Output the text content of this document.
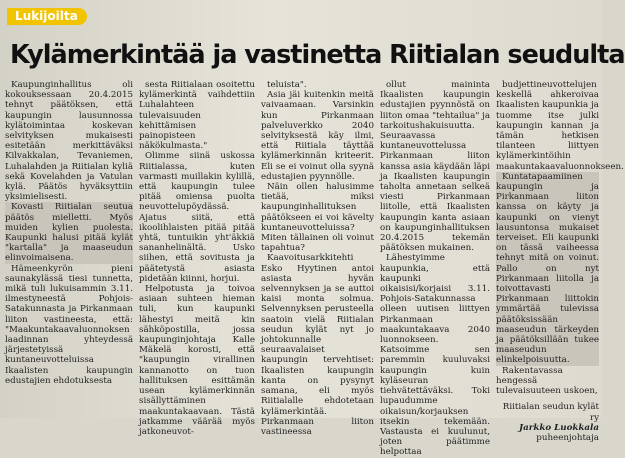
Lukijoilta
Kylämerkintää ja vastinetta Riitialan seudulta

Kaupunginhallitus oli kokouksessaan 20.4.2015 tehnyt päätöksen, että kaupungin lausunnossa kylätoimintaa koskevan selvityksen mukaisesti esitetään merkittäväksi Kilvakkalan, Tevaniemen, Luhalahden ja Riitialan kyliä sekä Kovelahden ja Vatulan kylä. Päätös hyväksyttiin yksimielisesti.

Kovasti Riitialan seutua päätös mielletti. Myös muiden kylien puolesta. Kaupunki halusi pitää kylät "kartalla" ja maaseudun elinvoimaisena.

Hämeenkyrön pieni saunakylässä tiesi tunnetta, mikä tuli lukuisammin 3.11. ilmestyneestä Pohjois-Satakunnasta ja Pirkanmaan liiton vastineesta, että: "Maakuntakaavaluonnoksen laadinnan yhteydessä järjestetyissä kuntaneuvotteluissa Ikaalisten kaupungin edustajien ehdotuksesta

sesta Riitialaan osoitettu kylämerkintä vaihdettiin Luhalahteen tulevaisuuden kehittämisen painopisteen näkökulmasta."

Olimme siinä uskossa Riitialassa, kuten varmasti muillakin kylillä, että kaupungin tulee pitää omiensa puolta neuvottelupöydässä. Ajatus siitä, että ikoolihlaisten pitää pitää yhtä, tuntuikin yht'äkkiä sananhelinältä. Usko siihen, että sovitusta ja päätetystä asiasta pidetään kiinni, horjui.

Helpotusta ja toivoa asiaan suhteen hieman tuli, kun kaupunki lähestyi meitä kin sähköpostilla, jossa kaupunginjohtaja Kalle Mäkelä korosti, että "kaupungin virallinen kannanotto on tuon hallituksen esittämän usean kylämerkinnän sisällyttäminen maakuntakaavaan. Tästä jatkamme väärää myös jatkoneuvot-

teluista".

Asia jäi kuitenkin meitä vaivaamaan. Varsinkin kun Pirkanmaan palveluverkko 2040 selvityksestä käy ilmi, että Riitiala täyttää kylämerkinnän kriteerit. Eli se ei voinut olla syynä edustajien pyynnölle.

Näin ollen halusimme tietää, miksi kaupunginhallituksen päätökseen ei voi kävelty kuntaneuvotteluissa? Miten tällainen oli voinut tapahtua?

Kaavoitusarkkitehti Esko Hyytinen antoi asiasta hyvän selvennyksen ja se auttoi kaisi monta solmua. Selvennyksen perusteella saatoin vielä Riitialan seudun kylät nyt jo johtokunnalle seuraavalaiset kaupungin tervehtiset: Ikaalisten kaupungin kanta on pysynyt samana, eli myös Riitialalle ehdotetaan kylämerkintää. Pirkanmaan liiton vastineessa

ollut maininta Ikaalisten kaupungin edustajien pyynnöstä on liiton omaa "tehtailua" ja tarkoitushakuisuutta. Seuraavassa kuntaneuvottelussa Pirkanmaan liiton kanssa asia käydään läpi ja Ikaalisten kaupungin taholta annetaan selkeä viesti Pirkanmaan liitolle, että Ikaalisten kaupungin kanta asiaan on kaupunginhallituksen 20.4.2015 tekemän päätöksen mukainen.

Lähestyimme kaupunkia, että kaupunki oikaisisi/korjaisi 3.11. Pohjois-Satakunnassa olleen uutisen liittyen Pirkanmaan maakuntakaava 2040 luonnokseen. Katsoimme sen paremmin kuuluvaksi kaupungin kuin kyläseuran tiehvätettäväksi. Toki lupaudumme oikaisun/korjauksen itsekin tekemään. Vastausta ei kuulunut, joten päätimme helpottaa

budjettineuvottelujen keskellä ahkeroivaa Ikaalisten kaupunkia ja tuomme itse julki kaupungin kannan ja tämän hetkisen tilanteen liittyen kylämerkintöihin maakuntakaavaluonnokseen.

Kuntatapaamiinen kaupungin ja Pirkanmaan liiton kanssa on käyty ja kaupunki on vienyt lausuntonsa mukaiset terveiset. Eli kaupunki on tässä vaiheessa tehnyt mitä on voinut. Pallo on nyt Pirkanmaan liitolla ja toivottavasti Pirkanmaan liittokin ymmärtää tulevissa päätöksissään maaseudun tärkeyden ja päätöksillään tukee maaseudun elinkelpoisuutta.

Rakentavassa hengessä tulevaisuuteen uskoen,

Riitialan seudun kylät ry

Jarkko Luokkala

puheenjohtaja
